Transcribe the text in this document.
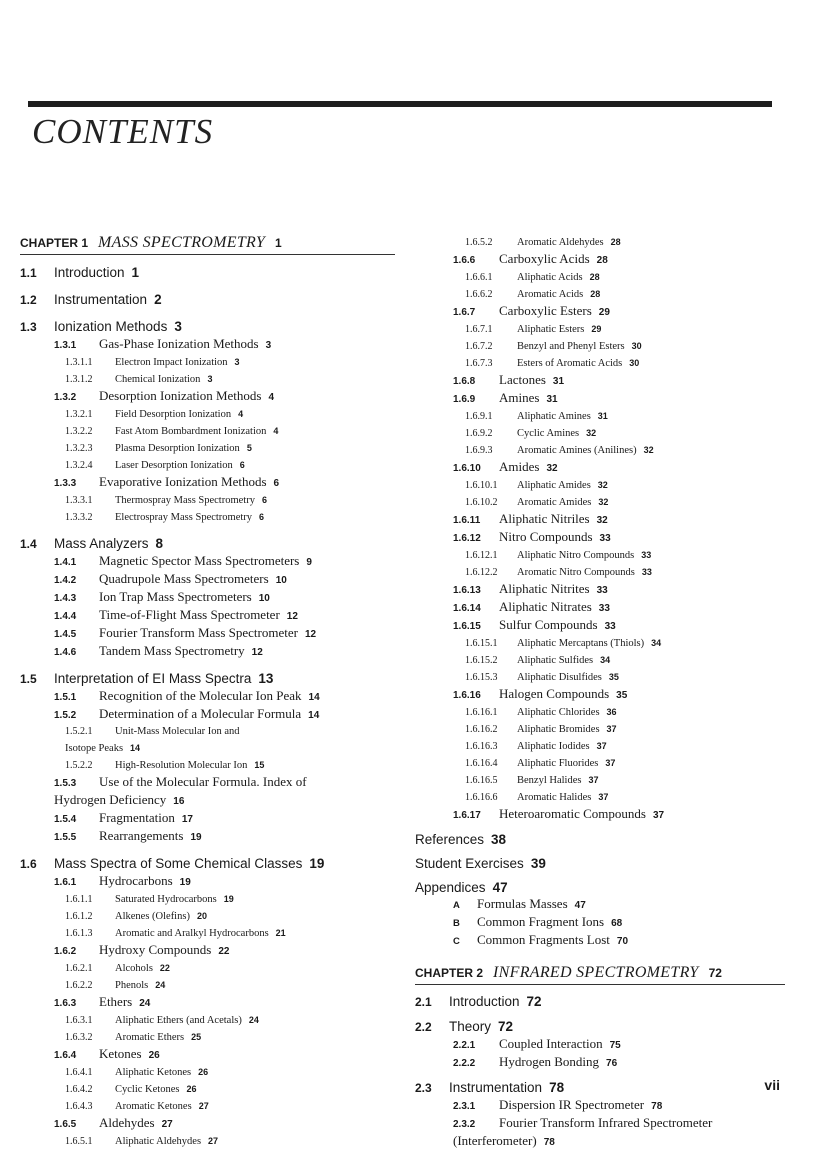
CONTENTS
CHAPTER 1 MASS SPECTROMETRY 1
1.1 Introduction 1
1.2 Instrumentation 2
1.3 Ionization Methods 3
1.3.1 Gas-Phase Ionization Methods 3
1.3.1.1 Electron Impact Ionization 3
1.3.1.2 Chemical Ionization 3
1.3.2 Desorption Ionization Methods 4
1.3.2.1 Field Desorption Ionization 4
1.3.2.2 Fast Atom Bombardment Ionization 4
1.3.2.3 Plasma Desorption Ionization 5
1.3.2.4 Laser Desorption Ionization 6
1.3.3 Evaporative Ionization Methods 6
1.3.3.1 Thermospray Mass Spectrometry 6
1.3.3.2 Electrospray Mass Spectrometry 6
1.4 Mass Analyzers 8
1.4.1 Magnetic Spector Mass Spectrometers 9
1.4.2 Quadrupole Mass Spectrometers 10
1.4.3 Ion Trap Mass Spectrometers 10
1.4.4 Time-of-Flight Mass Spectrometer 12
1.4.5 Fourier Transform Mass Spectrometer 12
1.4.6 Tandem Mass Spectrometry 12
1.5 Interpretation of EI Mass Spectra 13
1.5.1 Recognition of the Molecular Ion Peak 14
1.5.2 Determination of a Molecular Formula 14
1.5.2.1 Unit-Mass Molecular Ion and
Isotope Peaks 14
1.5.2.2 High-Resolution Molecular Ion 15
1.5.3 Use of the Molecular Formula. Index of
Hydrogen Deficiency 16
1.5.4 Fragmentation 17
1.5.5 Rearrangements 19
1.6 Mass Spectra of Some Chemical Classes 19
1.6.1 Hydrocarbons 19
1.6.1.1 Saturated Hydrocarbons 19
1.6.1.2 Alkenes (Olefins) 20
1.6.1.3 Aromatic and Aralkyl Hydrocarbons 21
1.6.2 Hydroxy Compounds 22
1.6.2.1 Alcohols 22
1.6.2.2 Phenols 24
1.6.3 Ethers 24
1.6.3.1 Aliphatic Ethers (and Acetals) 24
1.6.3.2 Aromatic Ethers 25
1.6.4 Ketones 26
1.6.4.1 Aliphatic Ketones 26
1.6.4.2 Cyclic Ketones 26
1.6.4.3 Aromatic Ketones 27
1.6.5 Aldehydes 27
1.6.5.1 Aliphatic Aldehydes 27
1.6.5.2 Aromatic Aldehydes 28
1.6.6 Carboxylic Acids 28
1.6.6.1 Aliphatic Acids 28
1.6.6.2 Aromatic Acids 28
1.6.7 Carboxylic Esters 29
1.6.7.1 Aliphatic Esters 29
1.6.7.2 Benzyl and Phenyl Esters 30
1.6.7.3 Esters of Aromatic Acids 30
1.6.8 Lactones 31
1.6.9 Amines 31
1.6.9.1 Aliphatic Amines 31
1.6.9.2 Cyclic Amines 32
1.6.9.3 Aromatic Amines (Anilines) 32
1.6.10 Amides 32
1.6.10.1 Aliphatic Amides 32
1.6.10.2 Aromatic Amides 32
1.6.11 Aliphatic Nitriles 32
1.6.12 Nitro Compounds 33
1.6.12.1 Aliphatic Nitro Compounds 33
1.6.12.2 Aromatic Nitro Compounds 33
1.6.13 Aliphatic Nitrites 33
1.6.14 Aliphatic Nitrates 33
1.6.15 Sulfur Compounds 33
1.6.15.1 Aliphatic Mercaptans (Thiols) 34
1.6.15.2 Aliphatic Sulfides 34
1.6.15.3 Aliphatic Disulfides 35
1.6.16 Halogen Compounds 35
1.6.16.1 Aliphatic Chlorides 36
1.6.16.2 Aliphatic Bromides 37
1.6.16.3 Aliphatic Iodides 37
1.6.16.4 Aliphatic Fluorides 37
1.6.16.5 Benzyl Halides 37
1.6.16.6 Aromatic Halides 37
1.6.17 Heteroaromatic Compounds 37
References 38
Student Exercises 39
Appendices 47
A Formulas Masses 47
B Common Fragment Ions 68
C Common Fragments Lost 70
CHAPTER 2 INFRARED SPECTROMETRY 72
2.1 Introduction 72
2.2 Theory 72
2.2.1 Coupled Interaction 75
2.2.2 Hydrogen Bonding 76
2.3 Instrumentation 78
2.3.1 Dispersion IR Spectrometer 78
2.3.2 Fourier Transform Infrared Spectrometer
(Interferometer) 78
vii
